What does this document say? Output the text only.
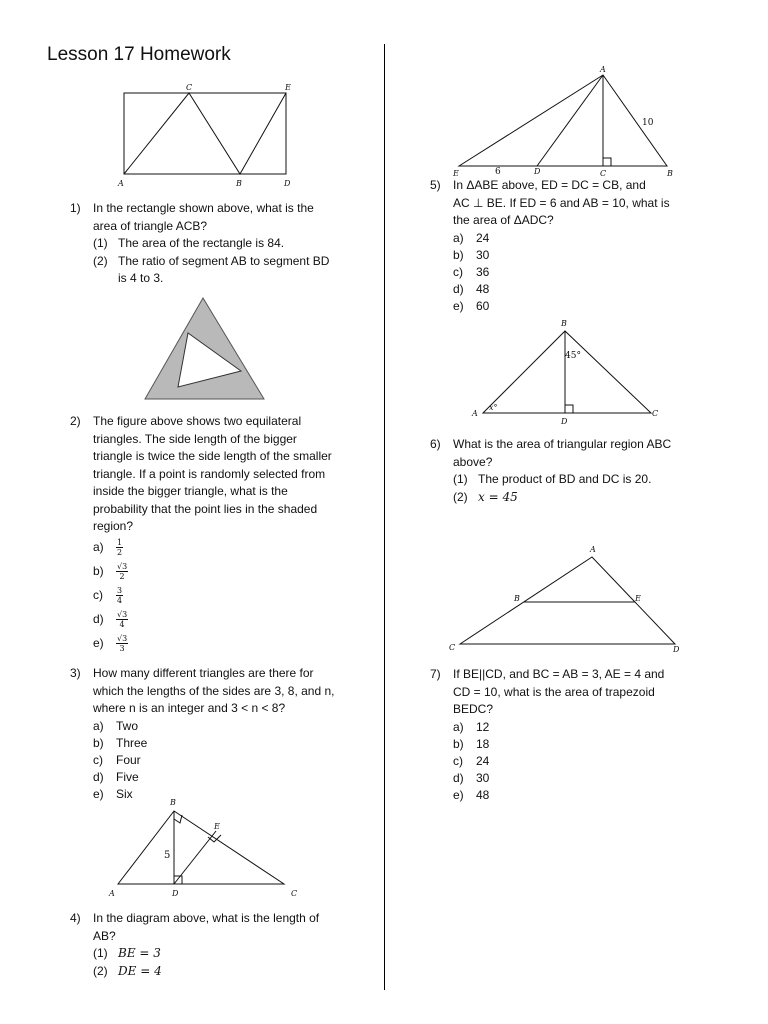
Lesson 17 Homework
C	E
A	B	D
1) In the rectangle shown above, what is the
area of triangle ACB?
(1) The area of the rectangle is 84.
(2) The ratio of segment AB to segment BD
is 4 to 3.
2) The figure above shows two equilateral
triangles. The side length of the bigger
triangle is twice the side length of the smaller
triangle. If a point is randomly selected from
inside the bigger triangle, what is the
probability that the point lies in the shaded
region?
a)	$\frac{1}{2}$
b)	$\frac{√3}{2}$
c)	$\frac{3}{4}$
d)	$\frac{√3}{4}$
e)	$\frac{√3}{3}$
3) How many different triangles are there for
which the lengths of the sides are 3, 8, and n,
where n is an integer and 3 < n < 8?
a) Two
b) Three
c) Four
d) Five
e) Six
B
E
5
A	D	C
4) In the diagram above, what is the length of
AB?
(1) BE = 3
(2) DE = 4
A
10
6
E	D	C	B
5) In ΔABE above, ED = DC = CB, and
AC ⊥ BE. If ED = 6 and AB = 10, what is
the area of ΔADC?
a) 24
b) 30
c) 36
d) 48
e) 60
B
45°
x°
A
D
C
6) What is the area of triangular region ABC
above?
(1) The product of BD and DC is 20.
(2) x = 45
A
B	E
C	D
7) If BE||CD, and BC = AB = 3, AE = 4 and
CD = 10, what is the area of trapezoid
BEDC?
a) 12
b) 18
c) 24
d) 30
e) 48
